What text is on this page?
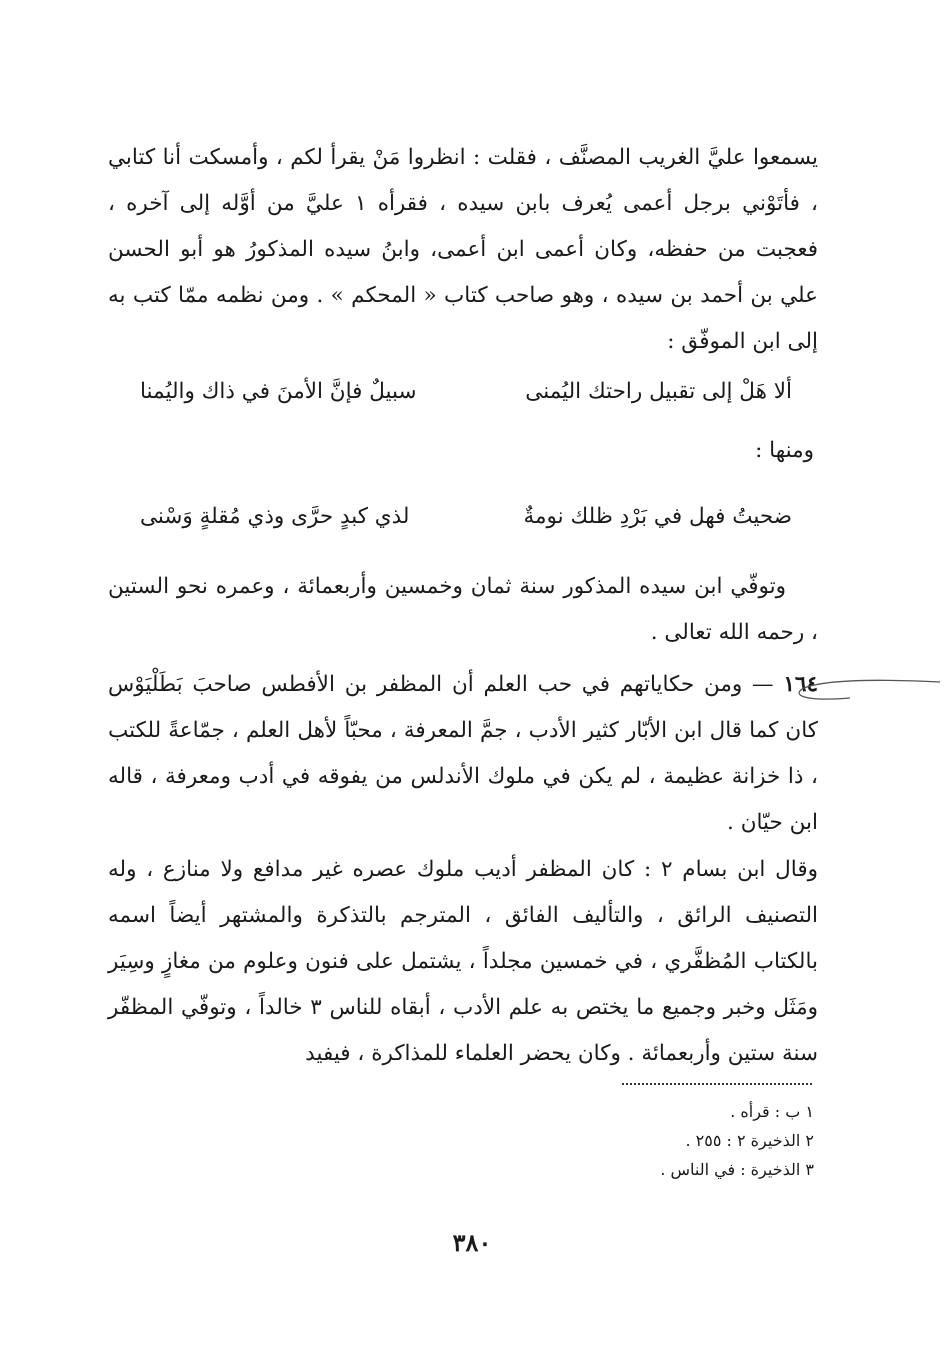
يسمعوا عليَّ الغريب المصنَّف ، فقلت : انظروا مَنْ يقرأ لكم ، وأمسكت أنا كتابي ، فأتَوْني برجل أعمى يُعرف بابن سيده ، فقرأه ١ عليَّ من أوَّله إلى آخره ، فعجبت من حفظه، وكان أعمى ابن أعمى، وابنُ سيده المذكورُ هو أبو الحسن علي بن أحمد بن سيده ، وهو صاحب كتاب « المحكم » . ومن نظمه ممّا كتب به إلى ابن الموفّق :

ألا هَلْ إلى تقبيل راحتك اليُمنى
سبيلٌ فإنَّ الأمنَ في ذاك واليُمنا
ومنها :
ضحيتُ فهل في بَرْدِ ظلك نومةٌ
لذي كبدٍ حرَّى وذي مُقلةٍ وَسْنى

وتوفّي ابن سيده المذكور سنة ثمان وخمسين وأربعمائة ، وعمره نحو الستين ، رحمه الله تعالى .

١٦٤ — ومن حكاياتهم في حب العلم أن المظفر بن الأفطس صاحبَ بَطَلْيَوْس كان كما قال ابن الأبّار كثير الأدب ، جمَّ المعرفة ، محبّاً لأهل العلم ، جمّاعةً للكتب ، ذا خزانة عظيمة ، لم يكن في ملوك الأندلس من يفوقه في أدب ومعرفة ، قاله ابن حيّان .

وقال ابن بسام ٢ : كان المظفر أديب ملوك عصره غير مدافع ولا منازع ، وله التصنيف الرائق ، والتأليف الفائق ، المترجم بالتذكرة والمشتهر أيضاً اسمه بالكتاب المُظفَّري ، في خمسين مجلداً ، يشتمل على فنون وعلوم من مغازٍ وسِيَر ومَثَل وخبر وجميع ما يختص به علم الأدب ، أبقاه للناس ٣ خالداً ، وتوفّي المظفّر سنة ستين وأربعمائة . وكان يحضر العلماء للمذاكرة ، فيفيد

١ ب : قرأه .
٢ الذخيرة ٢ : ٢٥٥ .
٣ الذخيرة : في الناس .
٣٨٠
